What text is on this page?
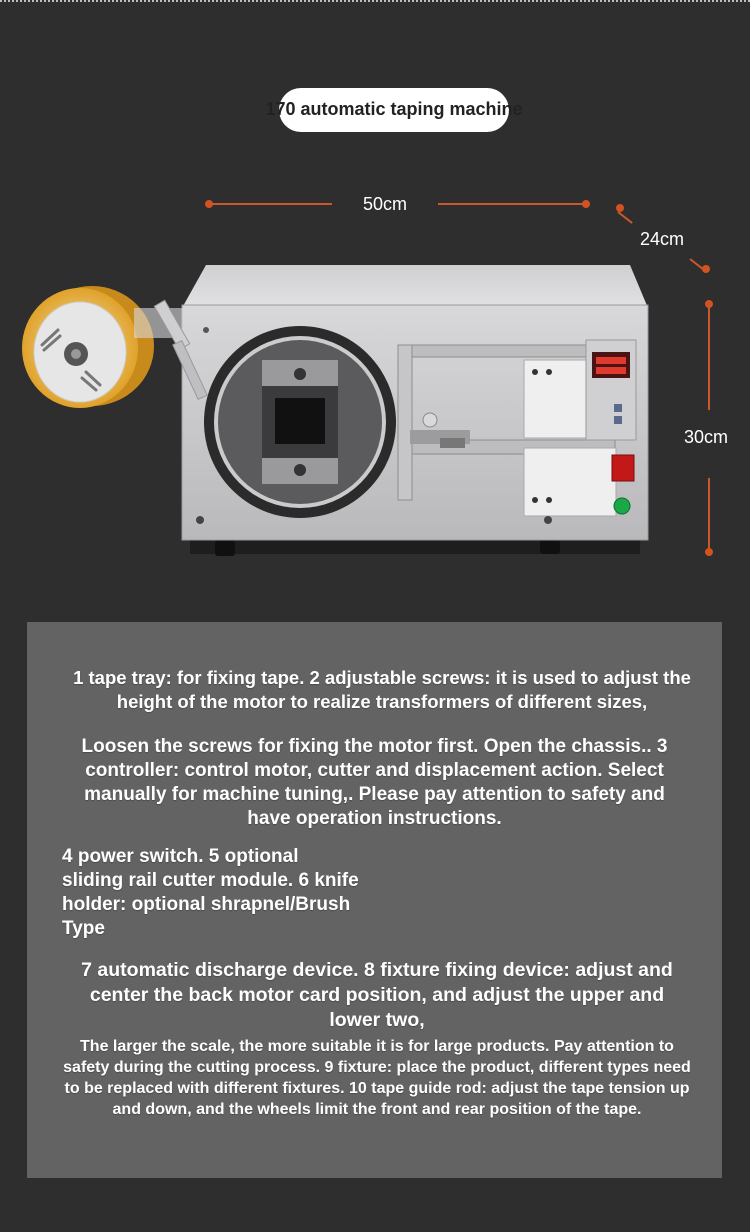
170 automatic taping machine
50cm
24cm
30cm
1 tape tray: for fixing tape. 2 adjustable screws: it is used to adjust the height of the motor to realize transformers of different sizes,
Loosen the screws for fixing the motor first. Open the chassis.. 3 controller: control motor, cutter and displacement action. Select manually for machine tuning,. Please pay attention to safety and have operation instructions.
4 power switch. 5 optional sliding rail cutter module. 6 knife holder: optional shrapnel/Brush Type
7 automatic discharge device. 8 fixture fixing device: adjust and center the back motor card position, and adjust the upper and lower two,
The larger the scale, the more suitable it is for large products. Pay attention to safety during the cutting process. 9 fixture: place the product, different types need to be replaced with different fixtures. 10 tape guide rod: adjust the tape tension up and down, and the wheels limit the front and rear position of the tape.
